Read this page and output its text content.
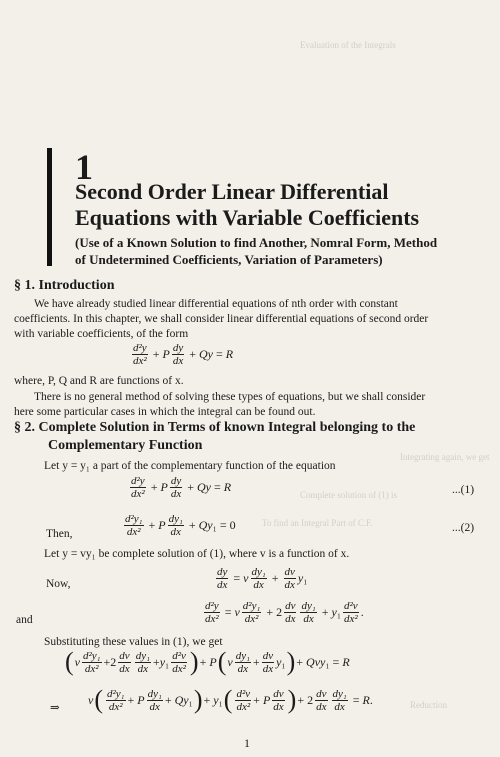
Evaluation of the Integrals
Complete solution of (1) is
To find an Integral Part of C.F.
Integrating again, we get
Reduction
1
Second Order Linear Differential
Equations with Variable Coefficients
(Use of a Known Solution to find Another, Nomral Form, Method
of Undetermined Coefficients, Variation of Parameters)
§ 1. Introduction
We have already studied linear differential equations of nth order with constant
coefficients. In this chapter, we shall consider linear differential equations of second order
with variable coefficients, of the form
$\frac{\text{d²y}}{\text{dx²}} + P \frac{dy}{dx} + Qy = R$
where, P, Q and R are functions of x.
There is no general method of solving these types of equations, but we shall consider
here some particular cases in which the integral can be found out.
§ 2. Complete Solution in Terms of known Integral belonging to the
Complementary Function
Let y = y₁ a part of the complementary function of the equation
$\frac{\text{d²y}}{\text{dx²}} + P \frac{dy}{dx} + Qy = R$	...(1)
Then,	$\frac{\text{d²y₁}}{\text{dx²}} + P \frac{\text{dy₁}}{dx} + Qy_1 = 0$	...(2)
Let y = vy₁ be complete solution of (1), where v is a function of x.
Now,	$\frac{dy}{dx} = v \frac{\text{dy₁}}{dx} + \frac{dv}{dx} y_1$
and	$\frac{\text{d²y}}{\text{dx²}} = v \frac{\text{d²y₁}}{\text{dx²}} + 2 \frac{dv}{dx} \frac{\text{dy₁}}{dx} + y_1 \frac{\text{d²v}}{\text{dx²}}$ .
Substituting these values in (1), we get
( v $\frac{\text{d²y₁}}{\text{dx²}} +2 \frac{dv}{dx} \frac{\text{dy₁}}{dx} +y_1 \frac{\text{d²v}}{\text{dx²}}$ ) + P ( v $\frac{\text{dy₁}}{dx} + \frac{dv}{dx} y_1$ ) + Qvy₁ = R
⇒
v ( $\frac{\text{d²y₁}}{\text{dx²}} + P \frac{\text{dy₁}}{dx} + Qy_1$ ) + y₁ ( $\frac{\text{d²v}}{\text{dx²}} + P \frac{dv}{dx}$ ) + $2 \frac{dv}{dx} \frac{\text{dy₁}}{dx} = R$.
1
